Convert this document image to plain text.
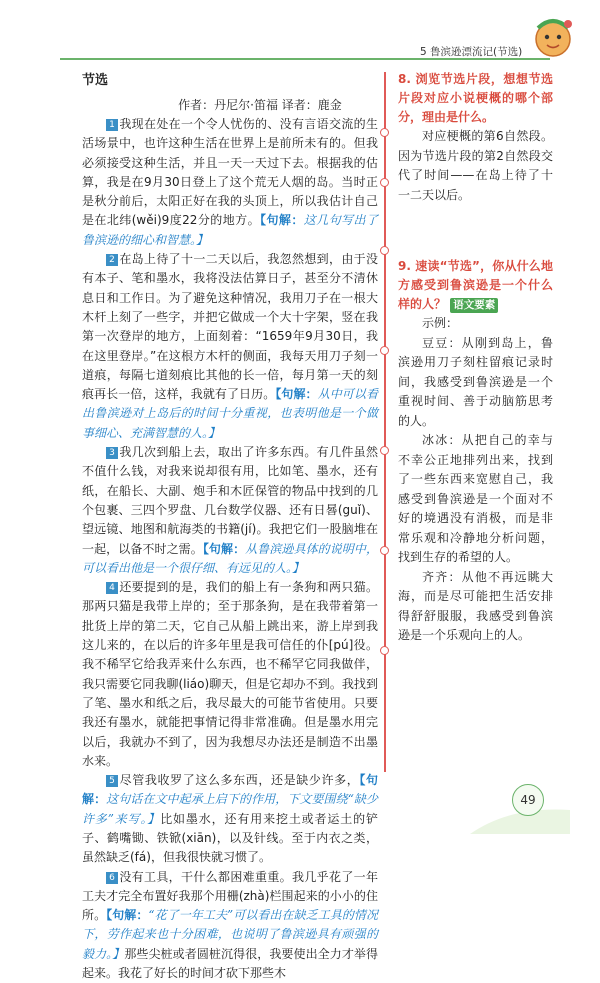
5 鲁滨逊漂流记(节选)
节选
作者：丹尼尔·笛福 译者：鹿金

1 我现在处在一个令人忧伤的、没有言语交流的生活场景中，也许这种生活在世界上是前所未有的。但我必须接受这种生活，并且一天一天过下去。根据我的估算，我是在9月30日登上了这个荒无人烟的岛。当时正是秋分前后，太阳正好在我的头顶上，所以我估计自己是在北纬(wěi)9度22分的地方。【句解：这几句写出了鲁滨逊的细心和智慧。】

2 在岛上待了十一二天以后，我忽然想到，由于没有本子、笔和墨水，我将没法估算日子，甚至分不清休息日和工作日。为了避免这种情况，我用刀子在一根大木杆上刻了一些字，并把它做成一个大十字架，竖在我第一次登岸的地方，上面刻着：“1659年9月30日，我在这里登岸。”在这根方木杆的侧面，我每天用刀子刻一道痕，每隔七道刻痕比其他的长一倍，每月第一天的刻痕再长一倍，这样，我就有了日历。【句解：从中可以看出鲁滨逊对上岛后的时间十分重视，也表明他是一个做事细心、充满智慧的人。】

3 我几次到船上去，取出了许多东西。有几件虽然不值什么钱，对我来说却很有用，比如笔、墨水，还有纸，在船长、大副、炮手和木匠保管的物品中找到的几个包裹、三四个罗盘、几台数学仪器、还有日晷(guǐ)、望远镜、地图和航海类的书籍(jí)。我把它们一股脑堆在一起，以备不时之需。【句解：从鲁滨逊具体的说明中，可以看出他是一个很仔细、有远见的人。】

4 还要提到的是，我们的船上有一条狗和两只猫。那两只猫是我带上岸的；至于那条狗，是在我带着第一批货上岸的第二天，它自己从船上跳出来，游上岸到我这儿来的，在以后的许多年里是我可信任的仆[pú]役。我不稀罕它给我弄来什么东西，也不稀罕它同我做伴，我只需要它同我聊(liáo)聊天，但是它却办不到。我找到了笔、墨水和纸之后，我尽最大的可能节省使用。只要我还有墨水，就能把事情记得非常准确。但是墨水用完以后，我就办不到了，因为我想尽办法还是制造不出墨水来。

5 尽管我收罗了这么多东西，还是缺少许多，【句解：这句话在文中起承上启下的作用，下文要围绕“缺少许多”来写。】比如墨水，还有用来挖土或者运土的铲子、鹤嘴锄、铁锨(xiān)，以及针线。至于内衣之类，虽然缺乏(fá)，但我很快就习惯了。

6 没有工具，干什么都困难重重。我几乎花了一年工夫才完全布置好我那个用栅(zhà)栏围起来的小小的住所。【句解：“花了一年工夫”可以看出在缺乏工具的情况下，劳作起来也十分困难，也说明了鲁滨逊具有顽强的毅力。】那些尖桩或者圆桩沉得很，我要使出全力才举得起来。我花了好长的时间才砍下那些木

8. 浏览节选片段，想想节选片段对应小说梗概的哪个部分，理由是什么。

对应梗概的第6自然段。因为节选片段的第2自然段交代了时间——在岛上待了十一二天以后。

9. 速读“节选”，你从什么地方感受到鲁滨逊是一个什么样的人？ 语文要素

示例：

豆豆：从刚到岛上，鲁滨逊用刀子刻柱留痕记录时间，我感受到鲁滨逊是一个重视时间、善于动脑筋思考的人。

冰冰：从把自己的幸与不幸公正地排列出来，找到了一些东西来宽慰自己，我感受到鲁滨逊是一个面对不好的境遇没有消极，而是非常乐观和冷静地分析问题，找到生存的希望的人。

齐齐：从他不再远眺大海，而是尽可能把生活安排得舒舒服服，我感受到鲁滨逊是一个乐观向上的人。

49
